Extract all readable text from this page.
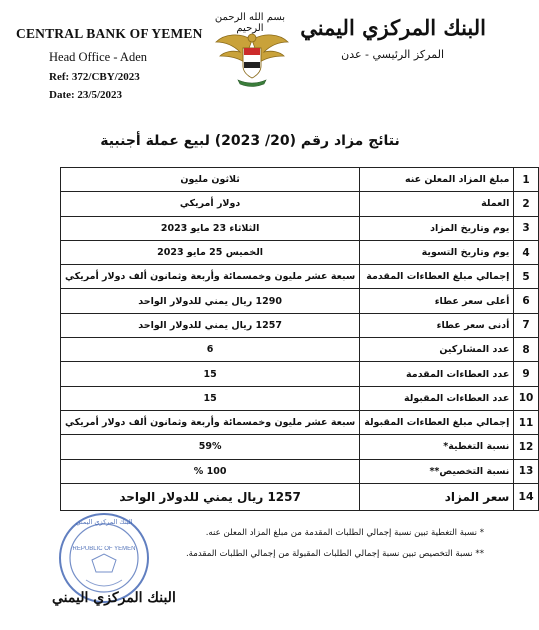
CENTRAL BANK OF YEMEN
Head Office - Aden
Ref: 372/CBY/2023
Date: 23/5/2023
بسم الله الرحمن الرحيم	البنك المركزي اليمني
المركز الرئيسي - عدن
نتائج مزاد رقم (20/ 2023) لبيع عملة أجنبية
1	مبلغ المزاد المعلن عنه	ثلاثون مليون
2	العملة	دولار أمريكي
3	يوم وتاريخ المزاد	الثلاثاء 23 مايو 2023
4	يوم وتاريخ التسوية	الخميس 25 مايو 2023
5	إجمالي مبلغ العطاءات المقدمة	سبعة عشر مليون وخمسمائة وأربعة وثمانون ألف دولار أمريكي
6	أعلى سعر عطاء	1290 ريال يمني للدولار الواحد
7	أدنى سعر عطاء	1257 ريال يمني للدولار الواحد
8	عدد المشاركين	6
9	عدد العطاءات المقدمة	15
10	عدد العطاءات المقبولة	15
11	إجمالي مبلغ العطاءات المقبولة	سبعة عشر مليون وخمسمائة وأربعة وثمانون ألف دولار أمريكي
12	نسبة التغطية*	59%
13	نسبة التخصيص**	100 %
14	سعر المزاد	1257 ريال يمني للدولار الواحد
* نسبة التغطية تبين نسبة إجمالي الطلبات المقدمة من مبلغ المزاد المعلن عنه.
** نسبة التخصيص تبين نسبة إجمالي الطلبات المقبولة من إجمالي الطلبات المقدمة.
البنك المركزي اليمني
REPUBLIC OF YEMEN
البنك المركزي اليمني
